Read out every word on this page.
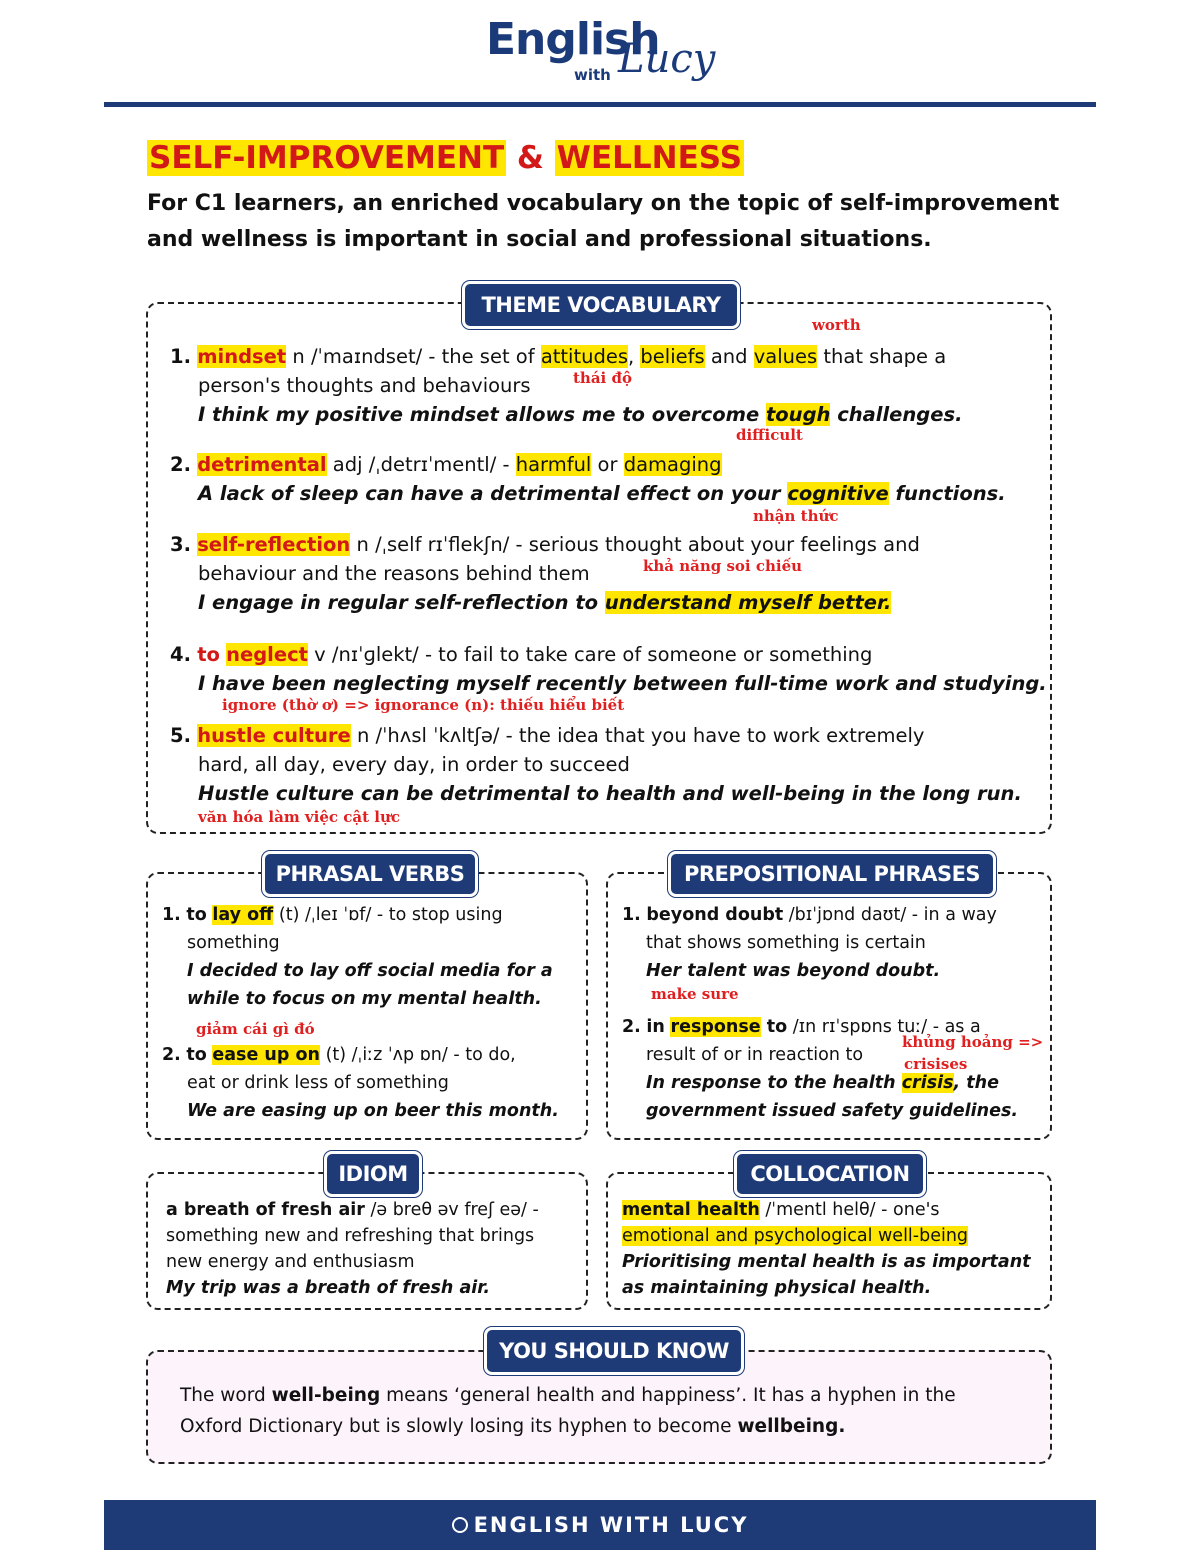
English
with Lucy
SELF-IMPROVEMENT & WELLNESS
For C1 learners, an enriched vocabulary on the topic of self-improvement and wellness is important in social and professional situations.
THEME VOCABULARY
1. mindset n /ˈmaɪndset/ - the set of attitudes, beliefs and values that shape a
person's thoughts and behaviours
I think my positive mindset allows me to overcome tough challenges.
2. detrimental adj /ˌdetrɪˈmentl/ - harmful or damaging
A lack of sleep can have a detrimental effect on your cognitive functions.
3. self-reflection n /ˌself rɪˈflekʃn/ - serious thought about your feelings and
behaviour and the reasons behind them
I engage in regular self-reflection to understand myself better.
4. to neglect v /nɪˈɡlekt/ - to fail to take care of someone or something
I have been neglecting myself recently between full-time work and studying.
5. hustle culture n /ˈhʌsl ˈkʌltʃə/ - the idea that you have to work extremely
hard, all day, every day, in order to succeed
Hustle culture can be detrimental to health and well-being in the long run.
worth
thái độ
difficult
nhận thức
khả năng soi chiếu
ignore (thờ ơ) => ignorance (n): thiếu hiểu biết
văn hóa làm việc cật lực
PHRASAL VERBS
1. to lay off (t) /ˌleɪ ˈɒf/ - to stop using
something
I decided to lay off social media for a
while to focus on my mental health.
giảm cái gì đó
2. to ease up on (t) /ˌiːz ˈʌp ɒn/ - to do,
eat or drink less of something
We are easing up on beer this month.
PREPOSITIONAL PHRASES
1. beyond doubt /bɪˈjɒnd daʊt/ - in a way
that shows something is certain
Her talent was beyond doubt.
make sure
2. in response to /ɪn rɪˈspɒns tuː/ - as a
result of or in reaction to
In response to the health crisis, the
government issued safety guidelines.
khủng hoảng =>
crisises
IDIOM
a breath of fresh air /ə breθ əv freʃ eə/ -
something new and refreshing that brings
new energy and enthusiasm
My trip was a breath of fresh air.
COLLOCATION
mental health /ˈmentl helθ/ - one's
emotional and psychological well-being
Prioritising mental health is as important
as maintaining physical health.
YOU SHOULD KNOW
The word well-being means ‘general health and happiness’. It has a hyphen in the
Oxford Dictionary but is slowly losing its hyphen to become wellbeing.
ENGLISH WITH LUCY
